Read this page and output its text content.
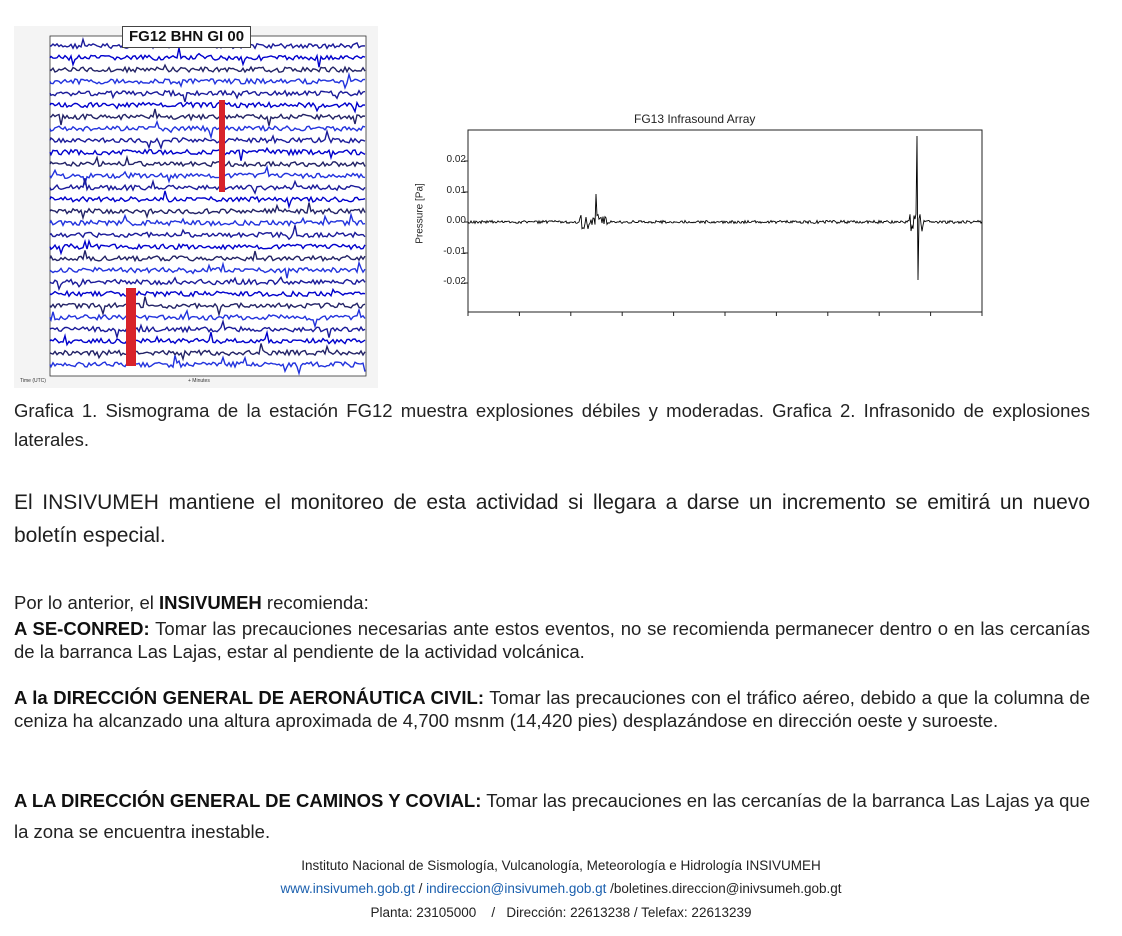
Time (UTC)	+ Minutes
FG12 BHN GI 00
FG13 Infrasound Array
Pressure [Pa]
0.02
0.01
0.00
-0.01
-0.02
Grafica 1. Sismograma de la estación FG12 muestra explosiones débiles y moderadas. Grafica 2. Infrasonido de explosiones laterales.
El INSIVUMEH mantiene el monitoreo de esta actividad si llegara a darse un incremento se emitirá un nuevo boletín especial.
Por lo anterior, el INSIVUMEH recomienda:
A SE-CONRED: Tomar las precauciones necesarias ante estos eventos, no se recomienda permanecer dentro o en las cercanías de la barranca Las Lajas, estar al pendiente de la actividad volcánica.
A la DIRECCIÓN GENERAL DE AERONÁUTICA CIVIL: Tomar las precauciones con el tráfico aéreo, debido a que la columna de ceniza ha alcanzado una altura aproximada de 4,700 msnm (14,420 pies) desplazándose en dirección oeste y suroeste.
A LA DIRECCIÓN GENERAL DE CAMINOS Y COVIAL: Tomar las precauciones en las cercanías de la barranca Las Lajas ya que la zona se encuentra inestable.
Instituto Nacional de Sismología, Vulcanología, Meteorología e Hidrología INSIVUMEH
www.insivumeh.gob.gt / indireccion@insivumeh.gob.gt /boletines.direccion@inivsumeh.gob.gt
Planta: 23105000    /   Dirección: 22613238 / Telefax: 22613239
